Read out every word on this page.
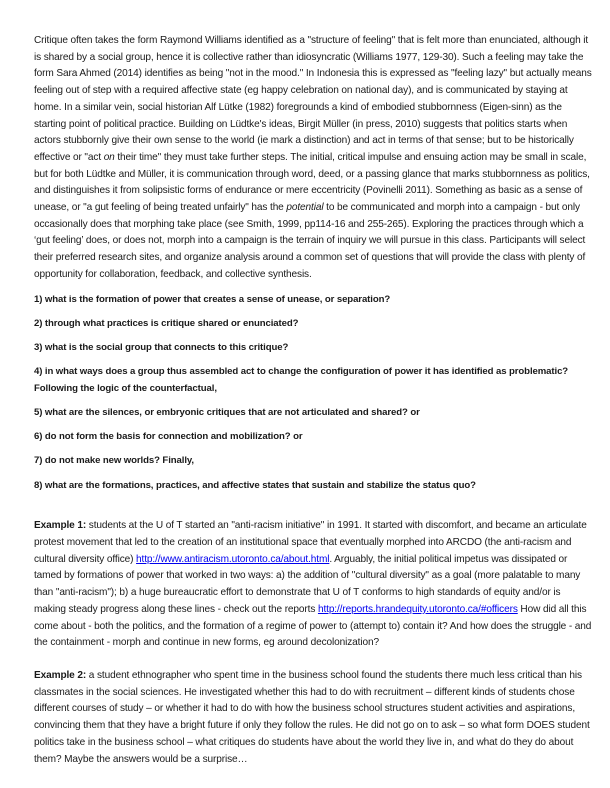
Critique often takes the form Raymond Williams identified as a "structure of feeling" that is felt more than enunciated, although it is shared by a social group, hence it is collective rather than idiosyncratic (Williams 1977, 129-30). Such a feeling may take the form Sara Ahmed (2014) identifies as being "not in the mood." In Indonesia this is expressed as "feeling lazy" but actually means feeling out of step with a required affective state (eg happy celebration on national day), and is communicated by staying at home. In a similar vein, social historian Alf Lütke (1982) foregrounds a kind of embodied stubbornness (Eigen-sinn) as the starting point of political practice. Building on Lüdtke's ideas, Birgit Müller (in press, 2010) suggests that politics starts when actors stubbornly give their own sense to the world (ie mark a distinction) and act in terms of that sense; but to be historically effective or "act on their time" they must take further steps. The initial, critical impulse and ensuing action may be small in scale, but for both Lüdtke and Müller, it is communication through word, deed, or a passing glance that marks stubbornness as politics, and distinguishes it from solipsistic forms of endurance or mere eccentricity (Povinelli 2011). Something as basic as a sense of unease, or "a gut feeling of being treated unfairly" has the potential to be communicated and morph into a campaign - but only occasionally does that morphing take place (see Smith, 1999, pp114-16 and 255-265). Exploring the practices through which a ‘gut feeling’ does, or does not, morph into a campaign is the terrain of inquiry we will pursue in this class. Participants will select their preferred research sites, and organize analysis around a common set of questions that will provide the class with plenty of opportunity for collaboration, feedback, and collective synthesis.

1) what is the formation of power that creates a sense of unease, or separation?

2) through what practices is critique shared or enunciated?

3) what is the social group that connects to this critique?

4) in what ways does a group thus assembled act to change the configuration of power it has identified as problematic? Following the logic of the counterfactual,

5) what are the silences, or embryonic critiques that are not articulated and shared? or

6) do not form the basis for connection and mobilization? or

7) do not make new worlds? Finally,

8) what are the formations, practices, and affective states that sustain and stabilize the status quo?

Example 1: students at the U of T started an "anti-racism initiative" in 1991. It started with discomfort, and became an articulate protest movement that led to the creation of an institutional space that eventually morphed into ARCDO (the anti-racism and cultural diversity office) http://www.antiracism.utoronto.ca/about.html. Arguably, the initial political impetus was dissipated or tamed by formations of power that worked in two ways: a) the addition of "cultural diversity" as a goal (more palatable to many than "anti-racism"); b) a huge bureaucratic effort to demonstrate that U of T conforms to high standards of equity and/or is making steady progress along these lines - check out the reports http://reports.hrandequity.utoronto.ca/#officers How did all this come about - both the politics, and the formation of a regime of power to (attempt to) contain it? And how does the struggle - and the containment - morph and continue in new forms, eg around decolonization?

Example 2: a student ethnographer who spent time in the business school found the students there much less critical than his classmates in the social sciences. He investigated whether this had to do with recruitment – different kinds of students chose different courses of study – or whether it had to do with how the business school structures student activities and aspirations, convincing them that they have a bright future if only they follow the rules. He did not go on to ask – so what form DOES student politics take in the business school – what critiques do students have about the world they live in, and what do they do about them? Maybe the answers would be a surprise…
